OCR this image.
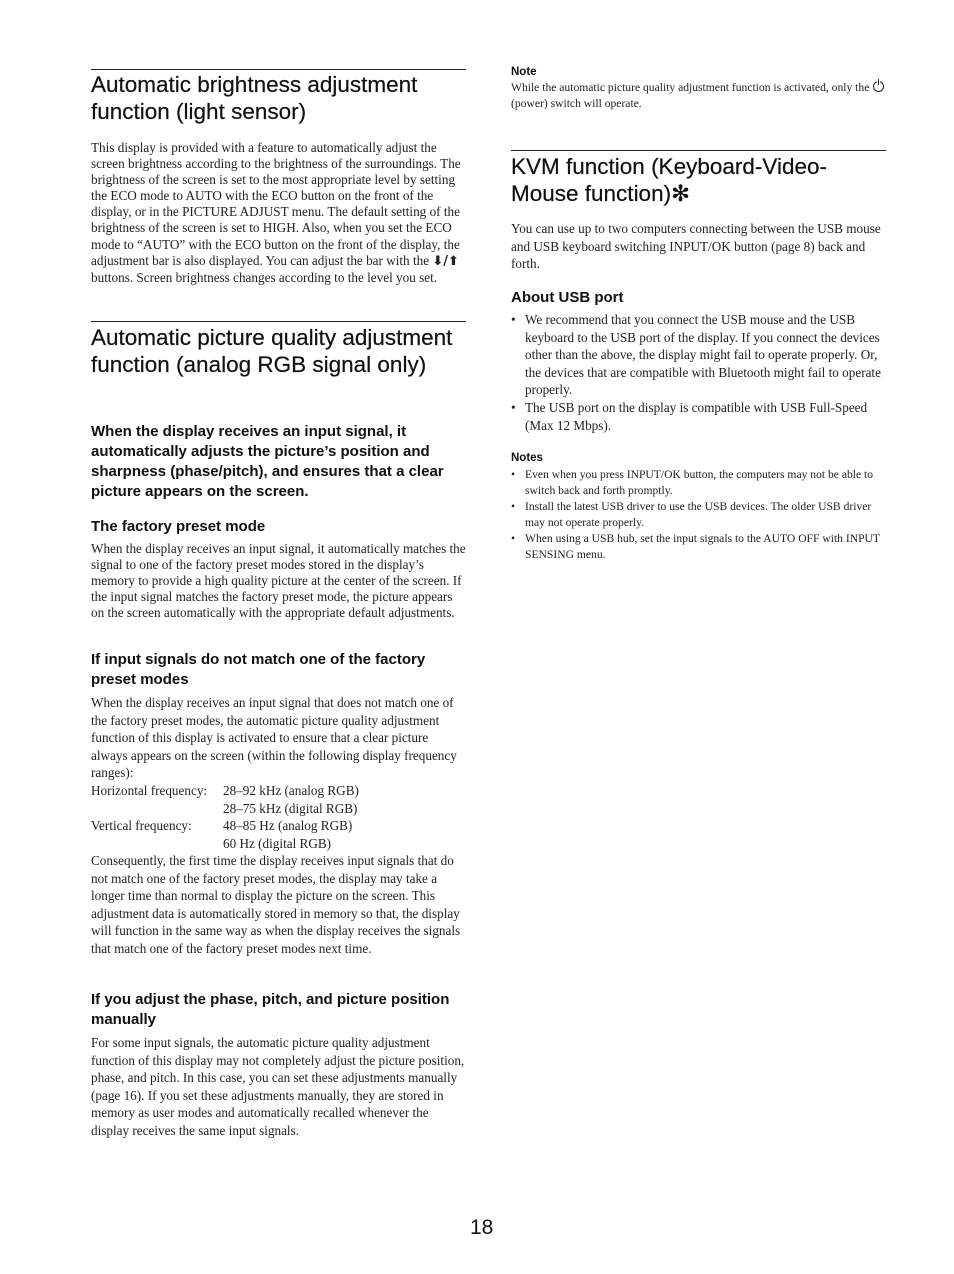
Automatic brightness adjustment function (light sensor)

This display is provided with a feature to automatically adjust the screen brightness according to the brightness of the surroundings. The brightness of the screen is set to the most appropriate level by setting the ECO mode to AUTO with the ECO button on the front of the display, or in the PICTURE ADJUST menu. The default setting of the brightness of the screen is set to HIGH. Also, when you set the ECO mode to “AUTO” with the ECO button on the front of the display, the adjustment bar is also displayed. You can adjust the bar with the ⬇/⬆ buttons. Screen brightness changes according to the level you set.

Automatic picture quality adjustment function (analog RGB signal only)

When the display receives an input signal, it automatically adjusts the picture’s position and sharpness (phase/pitch), and ensures that a clear picture appears on the screen.

The factory preset mode

When the display receives an input signal, it automatically matches the signal to one of the factory preset modes stored in the display’s memory to provide a high quality picture at the center of the screen. If the input signal matches the factory preset mode, the picture appears on the screen automatically with the appropriate default adjustments.

If input signals do not match one of the factory preset modes

When the display receives an input signal that does not match one of the factory preset modes, the automatic picture quality adjustment function of this display is activated to ensure that a clear picture always appears on the screen (within the following display frequency ranges):

Horizontal frequency:	28–92 kHz (analog RGB)
	28–75 kHz (digital RGB)
Vertical frequency:	48–85 Hz (analog RGB)
	60 Hz (digital RGB)

Consequently, the first time the display receives input signals that do not match one of the factory preset modes, the display may take a longer time than normal to display the picture on the screen. This adjustment data is automatically stored in memory so that, the display will function in the same way as when the display receives the signals that match one of the factory preset modes next time.

If you adjust the phase, pitch, and picture position manually

For some input signals, the automatic picture quality adjustment function of this display may not completely adjust the picture position, phase, and pitch. In this case, you can set these adjustments manually (page 16). If you set these adjustments manually, they are stored in memory as user modes and automatically recalled whenever the display receives the same input signals.

Note

While the automatic picture quality adjustment function is activated, only the  (power) switch will operate.

KVM function (Keyboard-Video-Mouse function)✻

You can use up to two computers connecting between the USB mouse and USB keyboard switching INPUT/OK button (page 8) back and forth.

About USB port
• We recommend that you connect the USB mouse and the USB keyboard to the USB port of the display. If you connect the devices other than the above, the display might fail to operate properly. Or, the devices that are compatible with Bluetooth might fail to operate properly.
• The USB port on the display is compatible with USB Full-Speed (Max 12 Mbps).

Notes

• Even when you press INPUT/OK button, the computers may not be able to switch back and forth promptly.
• Install the latest USB driver to use the USB devices. The older USB driver may not operate properly.
• When using a USB hub, set the input signals to the AUTO OFF with INPUT SENSING menu.
18
